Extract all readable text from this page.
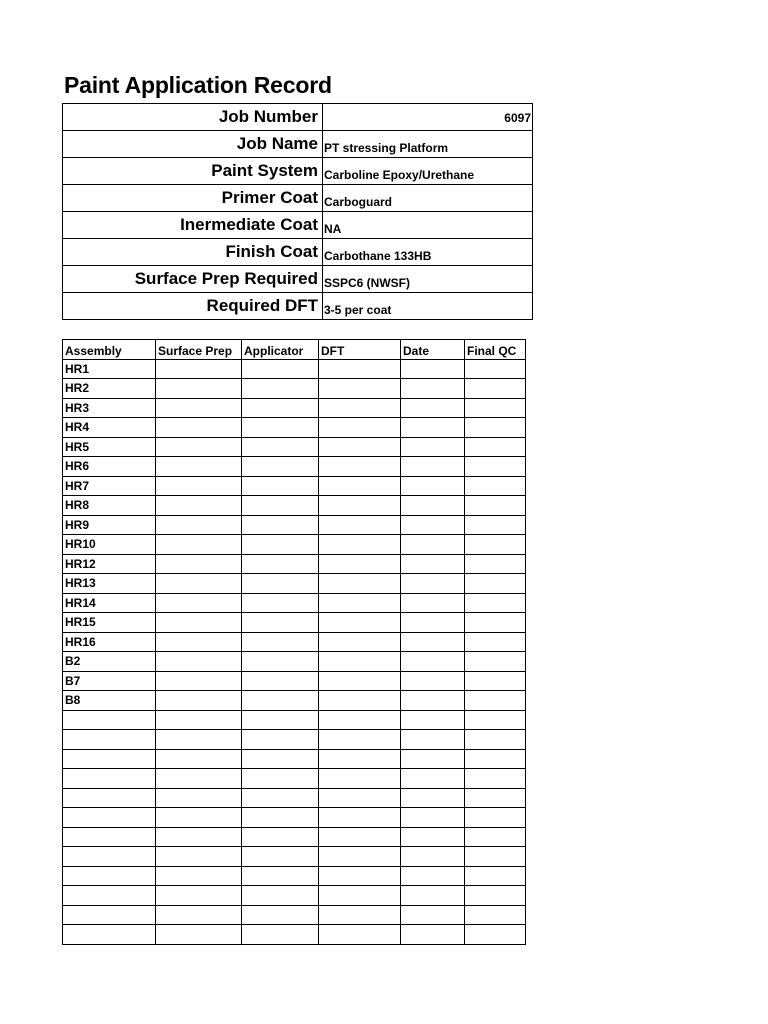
Paint Application Record
Job Number	6097
Job Name	PT stressing Platform
Paint System	Carboline Epoxy/Urethane
Primer Coat	Carboguard
Inermediate Coat	NA
Finish Coat	Carbothane 133HB
Surface Prep Required	SSPC6 (NWSF)
Required DFT	3-5 per coat
Assembly	Surface Prep	Applicator	DFT	Date	Final QC
HR1					
HR2					
HR3					
HR4					
HR5					
HR6					
HR7					
HR8					
HR9					
HR10					
HR12					
HR13					
HR14					
HR15					
HR16					
B2					
B7					
B8					
